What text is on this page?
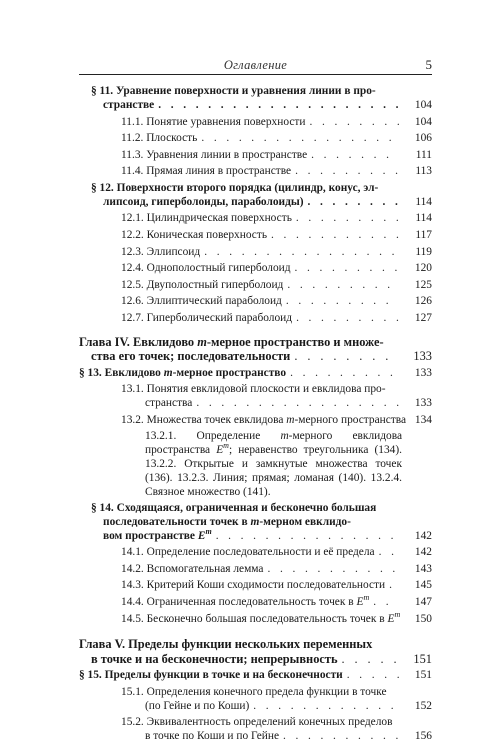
Оглавление	5
§ 11. Уравнение поверхности и уравнения линии в про-
странстве . . .	104
11.1. Понятие уравнения поверхности . . .	104
11.2. Плоскость . . .	106
11.3. Уравнения линии в пространстве . . .	111
11.4. Прямая линия в пространстве . . .	113
§ 12. Поверхности второго порядка (цилиндр, конус, эл-
липсоид, гиперболоиды, параболоиды) . . .	114
12.1. Цилиндрическая поверхность . . .	114
12.2. Коническая поверхность . . .	117
12.3. Эллипсоид . . .	119
12.4. Однополостный гиперболоид . . .	120
12.5. Двуполостный гиперболоид . . .	125
12.6. Эллиптический параболоид . . .	126
12.7. Гиперболический параболоид . . .	127
Глава IV. Евклидово m-мерное пространство и множе-
ства его точек; последовательности . . .	133
§ 13. Евклидово m-мерное пространство . . .	133
13.1. Понятия евклидовой плоскости и евклидова про-
странства . . .	133
13.2. Множества точек евклидова m-мерного пространства 134
13.2.1. Определение m-мерного евклидова пространства $E^m$; неравенство треугольника (134). 13.2.2. Открытые и замкнутые множества точек (136). 13.2.3. Линия; прямая; ломаная (140). 13.2.4. Связное множество (141).
§ 14. Сходящаяся, ограниченная и бесконечно большая
последовательности точек в m-мерном евклидо-
вом пространстве $E^m$ . . .	142
14.1. Определение последовательности и её предела . . .	142
14.2. Вспомогательная лемма . . .	143
14.3. Критерий Коши сходимости последовательности . . .	145
14.4. Ограниченная последовательность точек в $E^m$ . . .	147
14.5. Бесконечно большая последовательность точек в $E^m$	150
Глава V. Пределы функции нескольких переменных
в точке и на бесконечности; непрерывность . . .	151
§ 15. Пределы функции в точке и на бесконечности . . .	151
15.1. Определения конечного предела функции в точке
(по Гейне и по Коши) . . .	152
15.2. Эквивалентность определений конечных пределов
в точке по Коши и по Гейне . . .	156
